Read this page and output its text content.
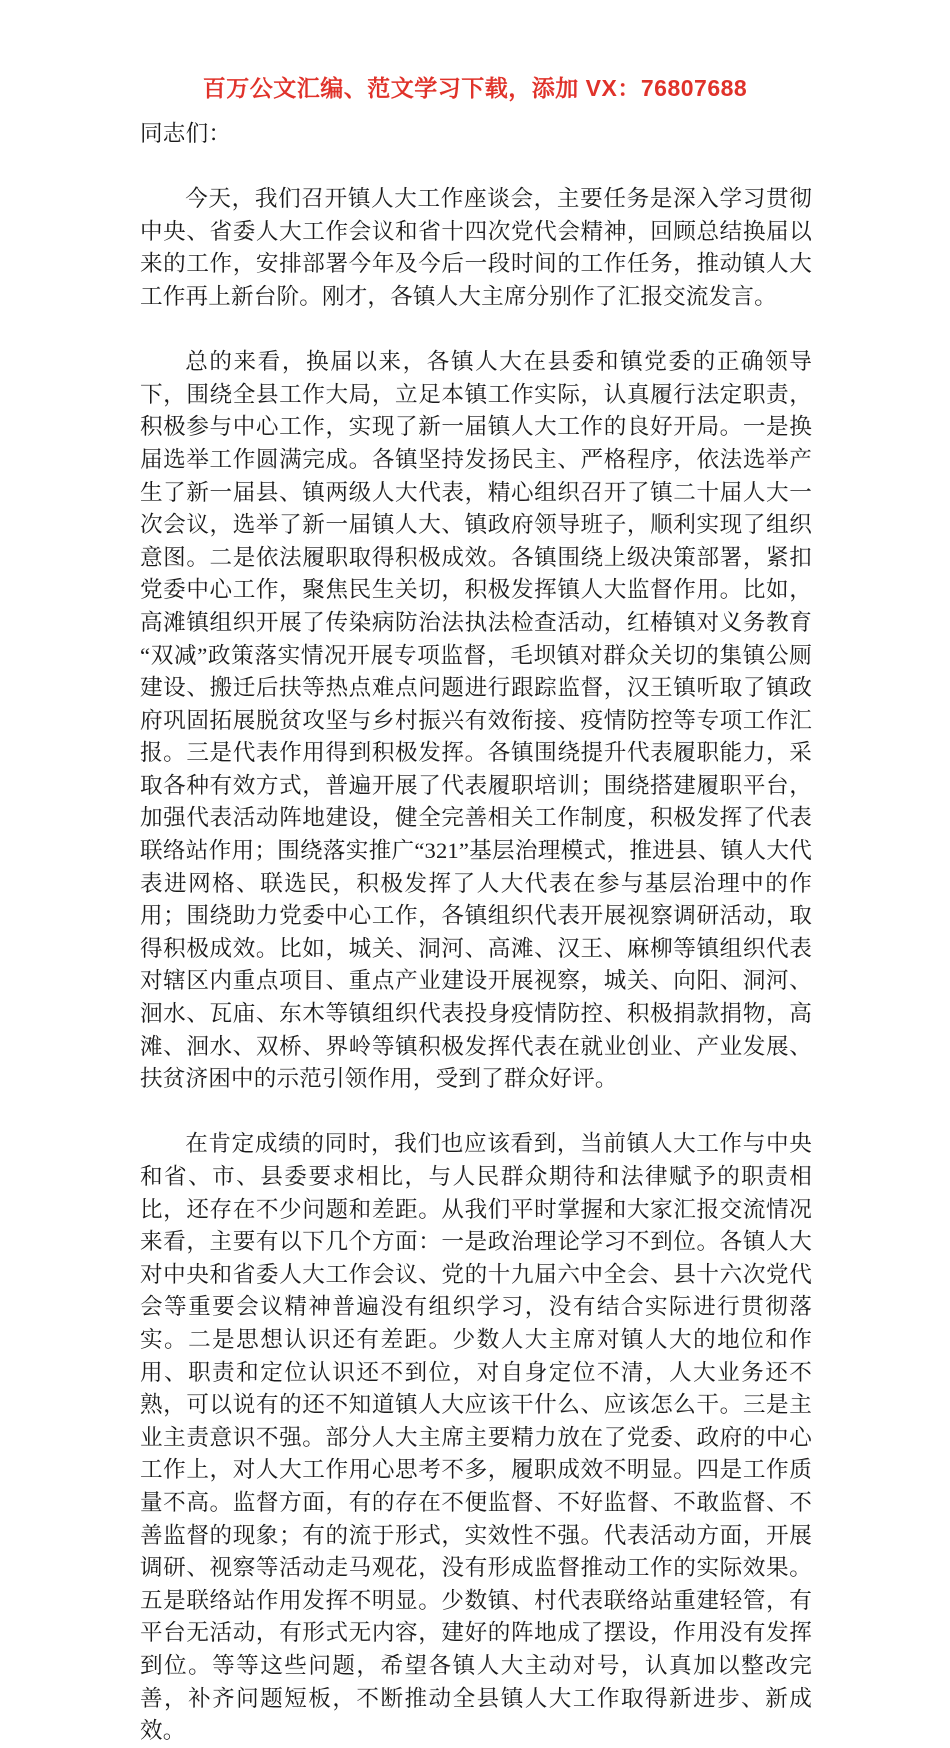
百万公文汇编、范文学习下载，添加 VX：76807688

同志们：

今天，我们召开镇人大工作座谈会，主要任务是深入学习贯彻中央、省委人大工作会议和省十四次党代会精神，回顾总结换届以来的工作，安排部署今年及今后一段时间的工作任务，推动镇人大工作再上新台阶。刚才，各镇人大主席分别作了汇报交流发言。

总的来看，换届以来，各镇人大在县委和镇党委的正确领导下，围绕全县工作大局，立足本镇工作实际，认真履行法定职责，积极参与中心工作，实现了新一届镇人大工作的良好开局。一是换届选举工作圆满完成。各镇坚持发扬民主、严格程序，依法选举产生了新一届县、镇两级人大代表，精心组织召开了镇二十届人大一次会议，选举了新一届镇人大、镇政府领导班子，顺利实现了组织意图。二是依法履职取得积极成效。各镇围绕上级决策部署，紧扣党委中心工作，聚焦民生关切，积极发挥镇人大监督作用。比如，高滩镇组织开展了传染病防治法执法检查活动，红椿镇对义务教育“双减”政策落实情况开展专项监督，毛坝镇对群众关切的集镇公厕建设、搬迁后扶等热点难点问题进行跟踪监督，汉王镇听取了镇政府巩固拓展脱贫攻坚与乡村振兴有效衔接、疫情防控等专项工作汇报。三是代表作用得到积极发挥。各镇围绕提升代表履职能力，采取各种有效方式，普遍开展了代表履职培训；围绕搭建履职平台，加强代表活动阵地建设，健全完善相关工作制度，积极发挥了代表联络站作用；围绕落实推广“321”基层治理模式，推进县、镇人大代表进网格、联选民，积极发挥了人大代表在参与基层治理中的作用；围绕助力党委中心工作，各镇组织代表开展视察调研活动，取得积极成效。比如，城关、洞河、高滩、汉王、麻柳等镇组织代表对辖区内重点项目、重点产业建设开展视察，城关、向阳、洞河、洄水、瓦庙、东木等镇组织代表投身疫情防控、积极捐款捐物，高滩、洄水、双桥、界岭等镇积极发挥代表在就业创业、产业发展、扶贫济困中的示范引领作用，受到了群众好评。

在肯定成绩的同时，我们也应该看到，当前镇人大工作与中央和省、市、县委要求相比，与人民群众期待和法律赋予的职责相比，还存在不少问题和差距。从我们平时掌握和大家汇报交流情况来看，主要有以下几个方面：一是政治理论学习不到位。各镇人大对中央和省委人大工作会议、党的十九届六中全会、县十六次党代会等重要会议精神普遍没有组织学习，没有结合实际进行贯彻落实。二是思想认识还有差距。少数人大主席对镇人大的地位和作用、职责和定位认识还不到位，对自身定位不清，人大业务还不熟，可以说有的还不知道镇人大应该干什么、应该怎么干。三是主业主责意识不强。部分人大主席主要精力放在了党委、政府的中心工作上，对人大工作用心思考不多，履职成效不明显。四是工作质量不高。监督方面，有的存在不便监督、不好监督、不敢监督、不善监督的现象；有的流于形式，实效性不强。代表活动方面，开展调研、视察等活动走马观花，没有形成监督推动工作的实际效果。五是联络站作用发挥不明显。少数镇、村代表联络站重建轻管，有平台无活动，有形式无内容，建好的阵地成了摆设，作用没有发挥到位。等等这些问题，希望各镇人大主动对号，认真加以整改完善，补齐问题短板，不断推动全县镇人大工作取得新进步、新成效。
